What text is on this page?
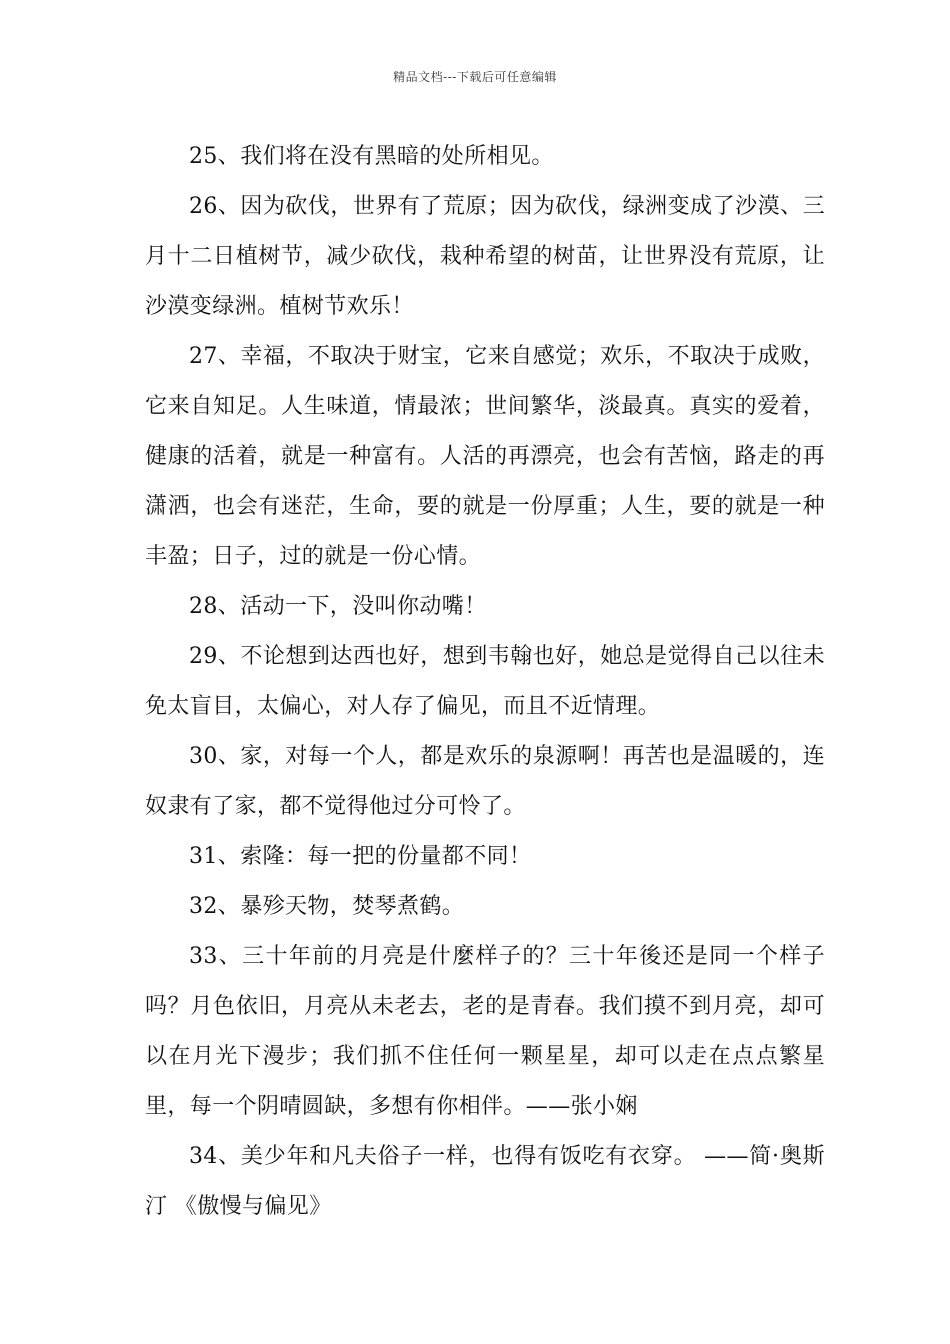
精品文档---下载后可任意编辑

25、我们将在没有黑暗的处所相见。

26、因为砍伐，世界有了荒原；因为砍伐，绿洲变成了沙漠、三月十二日植树节，减少砍伐，栽种希望的树苗，让世界没有荒原，让沙漠变绿洲。植树节欢乐！

27、幸福，不取决于财宝，它来自感觉；欢乐，不取决于成败，它来自知足。人生味道，情最浓；世间繁华，淡最真。真实的爱着，健康的活着，就是一种富有。人活的再漂亮，也会有苦恼，路走的再潇洒，也会有迷茫，生命，要的就是一份厚重；人生，要的就是一种丰盈；日子，过的就是一份心情。

28、活动一下，没叫你动嘴！

29、不论想到达西也好，想到韦翰也好，她总是觉得自己以往未免太盲目，太偏心，对人存了偏见，而且不近情理。

30、家，对每一个人，都是欢乐的泉源啊！再苦也是温暖的，连奴隶有了家，都不觉得他过分可怜了。

31、索隆：每一把的份量都不同！

32、暴殄天物，焚琴煮鹤。

33、三十年前的月亮是什麼样子的？三十年後还是同一个样子吗？月色依旧，月亮从未老去，老的是青春。我们摸不到月亮，却可以在月光下漫步；我们抓不住任何一颗星星，却可以走在点点繁星里，每一个阴晴圆缺，多想有你相伴。——张小娴

34、美少年和凡夫俗子一样，也得有饭吃有衣穿。 ——简·奥斯汀 《傲慢与偏见》
